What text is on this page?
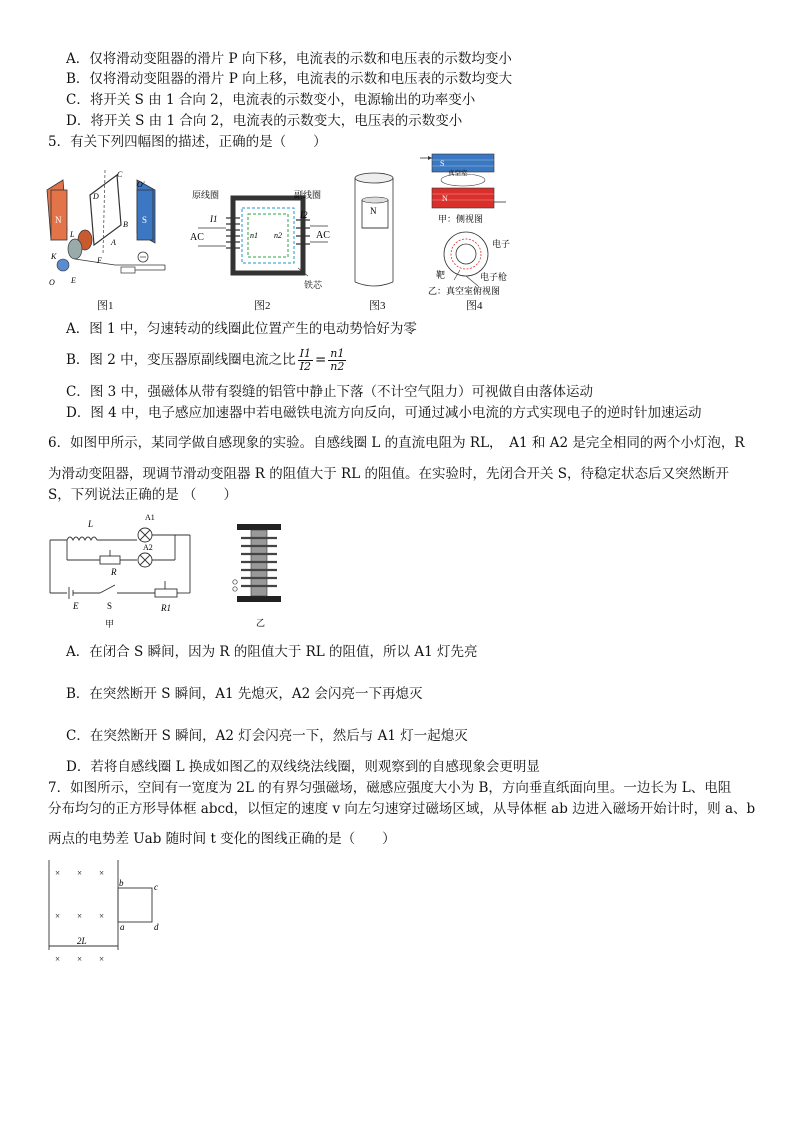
A．仅将滑动变阻器的滑片 P 向下移，电流表的示数和电压表的示数均变小
B．仅将滑动变阻器的滑片 P 向上移，电流表的示数和电压表的示数均变大
C．将开关 S 由 1 合向 2，电流表的示数变小，电源输出的功率变小
D．将开关 S 由 1 合向 2，电流表的示数变大，电压表的示数变小
5．有关下列四幅图的描述，正确的是（　　）
C
O'
D
N	S
B
A
L
F
K
O E
图1
原线圈	副线圈
AC	AC
I1	I2
n1 n2
铁芯
图2
N
图3
S
N
真空室
甲：侧视图
电子
靶	电子枪
乙：真空室俯视图
图4
A．图 1 中，匀速转动的线圈此位置产生的电动势恰好为零
B．图 2 中，变压器原副线圈电流之比 $\frac{I1}{I2} = \frac{n1}{n2}$
C．图 3 中，强磁体从带有裂缝的铝管中静止下落（不计空气阻力）可视做自由落体运动
D．图 4 中，电子感应加速器中若电磁铁电流方向反向，可通过减小电流的方式实现电子的逆时针加速运动
6．如图甲所示，某同学做自感现象的实验。自感线圈 L 的直流电阻为 RL，　A1 和 A2 是完全相同的两个小灯泡，R
为滑动变阻器，现调节滑动变阻器 R 的阻值大于 RL 的阻值。在实验时，先闭合开关 S，待稳定状态后又突然断开
S，下列说法正确的是 （　　）
L
A1
A2
R
E	S	R1
甲	乙
A．在闭合 S 瞬间，因为 R 的阻值大于 RL 的阻值，所以 A1 灯先亮
B．在突然断开 S 瞬间，A1 先熄灭，A2 会闪亮一下再熄灭
C．在突然断开 S 瞬间，A2 灯会闪亮一下，然后与 A1 灯一起熄灭
D．若将自感线圈 L 换成如图乙的双线绕法线圈，则观察到的自感现象会更明显
7．如图所示，空间有一宽度为 2L 的有界匀强磁场，磁感应强度大小为 B，方向垂直纸面向里。一边长为 L、电阻
分布均匀的正方形导体框 abcd，以恒定的速度 v 向左匀速穿过磁场区域，从导体框 ab 边进入磁场开始计时，则 a、b
两点的电势差 Uab 随时间 t 变化的图线正确的是（　　）
× × ×
× × ×
× × ×
b	c
a	d
2L
